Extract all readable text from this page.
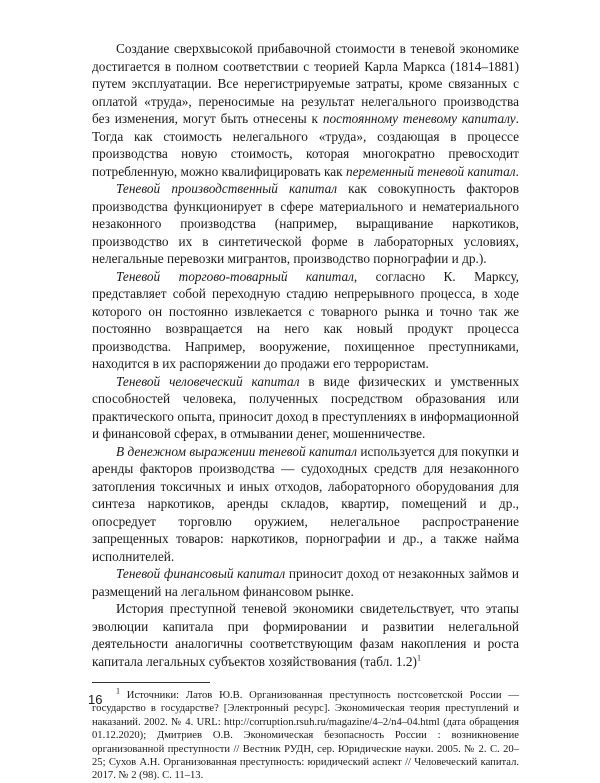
Создание сверхвысокой прибавочной стоимости в теневой экономике достигается в полном соответствии с теорией Карла Маркса (1814–1881) путем эксплуатации. Все нерегистрируемые затраты, кроме связанных с оплатой «труда», переносимые на результат нелегального производства без изменения, могут быть отнесены к постоянному теневому капиталу. Тогда как стоимость нелегального «труда», создающая в процессе производства новую стоимость, которая многократно превосходит потребленную, можно квалифицировать как переменный теневой капитал.

Теневой производственный капитал как совокупность факторов производства функционирует в сфере материального и нематериального незаконного производства (например, выращивание наркотиков, производство их в синтетической форме в лабораторных условиях, нелегальные перевозки мигрантов, производство порнографии и др.).

Теневой торгово-товарный капитал, согласно К. Марксу, представляет собой переходную стадию непрерывного процесса, в ходе которого он постоянно извлекается с товарного рынка и точно так же постоянно возвращается на него как новый продукт процесса производства. Например, вооружение, похищенное преступниками, находится в их распоряжении до продажи его террористам.

Теневой человеческий капитал в виде физических и умственных способностей человека, полученных посредством образования или практического опыта, приносит доход в преступлениях в информационной и финансовой сферах, в отмывании денег, мошенничестве.

В денежном выражении теневой капитал используется для покупки и аренды факторов производства — судоходных средств для незаконного затопления токсичных и иных отходов, лабораторного оборудования для синтеза наркотиков, аренды складов, квартир, помещений и др., опосредует торговлю оружием, нелегальное распространение запрещенных товаров: наркотиков, порнографии и др., а также найма исполнителей.

Теневой финансовый капитал приносит доход от незаконных займов и размещений на легальном финансовом рынке.

История преступной теневой экономики свидетельствует, что этапы эволюции капитала при формировании и развитии нелегальной деятельности аналогичны соответствующим фазам накопления и роста капитала легальных субъектов хозяйствования (табл. 1.2)$^1$

$^1$ Источники: Латов Ю.В. Организованная преступность постсоветской России — государство в государстве? [Электронный ресурс]. Экономическая теория преступлений и наказаний. 2002. № 4. URL: http://corruption.rsuh.ru/magazine/4–2/n4–04.html (дата обращения 01.12.2020); Дмитриев О.В. Экономическая безопасность России : возникновение организованной преступности // Вестник РУДН, сер. Юридические науки. 2005. № 2. С. 20–25; Сухов А.Н. Организованная преступность: юридический аспект // Человеческий капитал. 2017. № 2 (98). С. 11–13.

16
